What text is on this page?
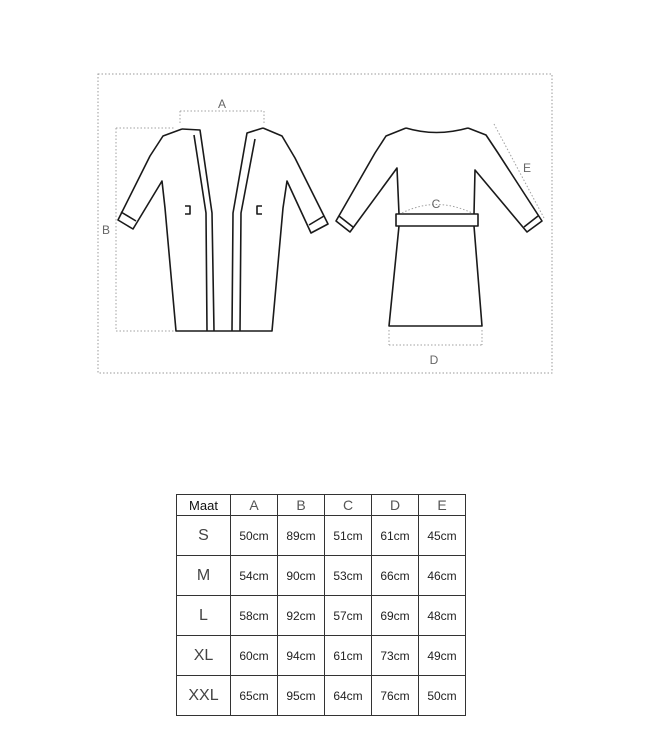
A
B
C
D
E
Maat	A	B	C	D	E
S	50cm	89cm	51cm	61cm	45cm
M	54cm	90cm	53cm	66cm	46cm
L	58cm	92cm	57cm	69cm	48cm
XL	60cm	94cm	61cm	73cm	49cm
XXL	65cm	95cm	64cm	76cm	50cm
